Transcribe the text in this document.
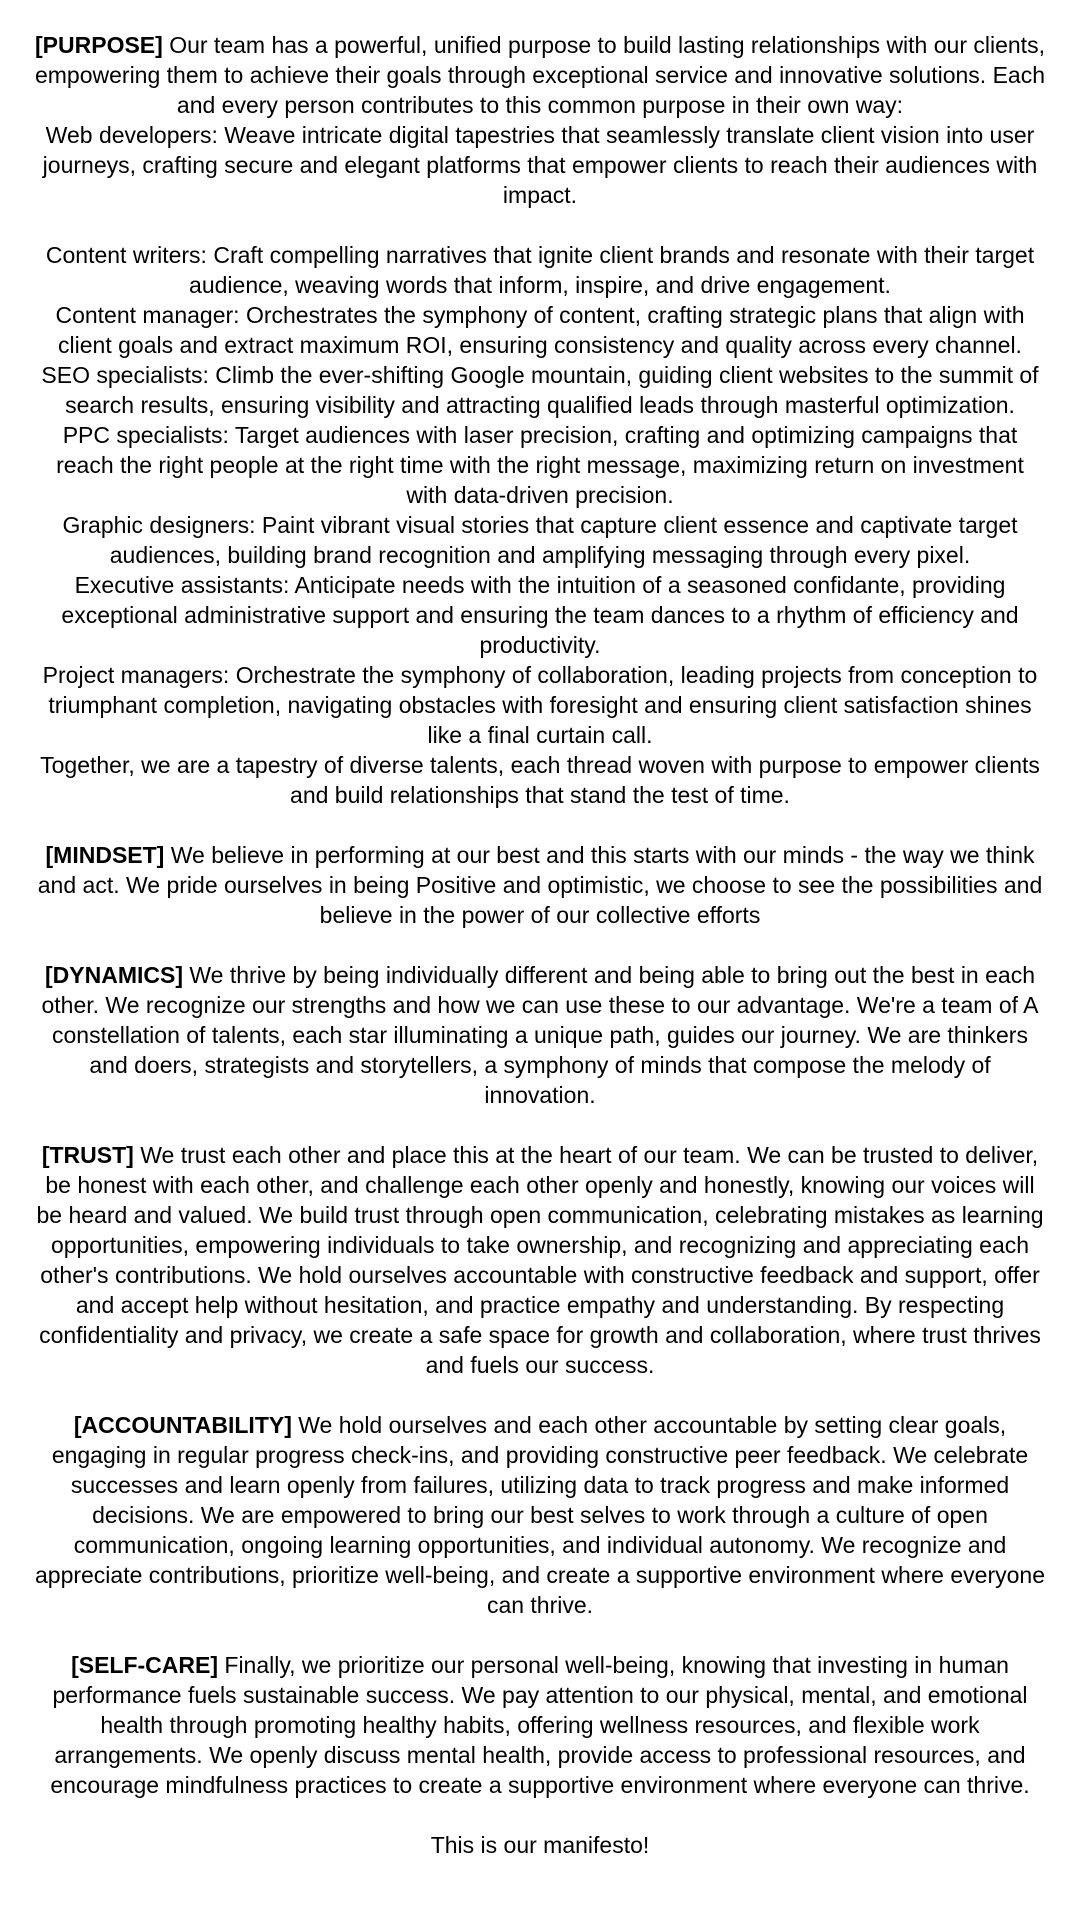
[PURPOSE] Our team has a powerful, unified purpose to build lasting relationships with our clients, empowering them to achieve their goals through exceptional service and innovative solutions. Each and every person contributes to this common purpose in their own way:

Web developers: Weave intricate digital tapestries that seamlessly translate client vision into user journeys, crafting secure and elegant platforms that empower clients to reach their audiences with impact.

Content writers: Craft compelling narratives that ignite client brands and resonate with their target audience, weaving words that inform, inspire, and drive engagement.

Content manager: Orchestrates the symphony of content, crafting strategic plans that align with client goals and extract maximum ROI, ensuring consistency and quality across every channel.

SEO specialists: Climb the ever-shifting Google mountain, guiding client websites to the summit of search results, ensuring visibility and attracting qualified leads through masterful optimization.

PPC specialists: Target audiences with laser precision, crafting and optimizing campaigns that reach the right people at the right time with the right message, maximizing return on investment with data-driven precision.

Graphic designers: Paint vibrant visual stories that capture client essence and captivate target audiences, building brand recognition and amplifying messaging through every pixel.

Executive assistants: Anticipate needs with the intuition of a seasoned confidante, providing exceptional administrative support and ensuring the team dances to a rhythm of efficiency and productivity.

Project managers: Orchestrate the symphony of collaboration, leading projects from conception to triumphant completion, navigating obstacles with foresight and ensuring client satisfaction shines like a final curtain call.

Together, we are a tapestry of diverse talents, each thread woven with purpose to empower clients and build relationships that stand the test of time.

[MINDSET] We believe in performing at our best and this starts with our minds - the way we think and act. We pride ourselves in being Positive and optimistic, we choose to see the possibilities and believe in the power of our collective efforts

[DYNAMICS] We thrive by being individually different and being able to bring out the best in each other. We recognize our strengths and how we can use these to our advantage. We're a team of A constellation of talents, each star illuminating a unique path, guides our journey. We are thinkers and doers, strategists and storytellers, a symphony of minds that compose the melody of innovation.

[TRUST] We trust each other and place this at the heart of our team. We can be trusted to deliver, be honest with each other, and challenge each other openly and honestly, knowing our voices will be heard and valued. We build trust through open communication, celebrating mistakes as learning opportunities, empowering individuals to take ownership, and recognizing and appreciating each other's contributions. We hold ourselves accountable with constructive feedback and support, offer and accept help without hesitation, and practice empathy and understanding. By respecting confidentiality and privacy, we create a safe space for growth and collaboration, where trust thrives and fuels our success.

[ACCOUNTABILITY] We hold ourselves and each other accountable by setting clear goals, engaging in regular progress check-ins, and providing constructive peer feedback. We celebrate successes and learn openly from failures, utilizing data to track progress and make informed decisions. We are empowered to bring our best selves to work through a culture of open communication, ongoing learning opportunities, and individual autonomy. We recognize and appreciate contributions, prioritize well-being, and create a supportive environment where everyone can thrive.

[SELF-CARE] Finally, we prioritize our personal well-being, knowing that investing in human performance fuels sustainable success. We pay attention to our physical, mental, and emotional health through promoting healthy habits, offering wellness resources, and flexible work arrangements. We openly discuss mental health, provide access to professional resources, and encourage mindfulness practices to create a supportive environment where everyone can thrive.

This is our manifesto!
